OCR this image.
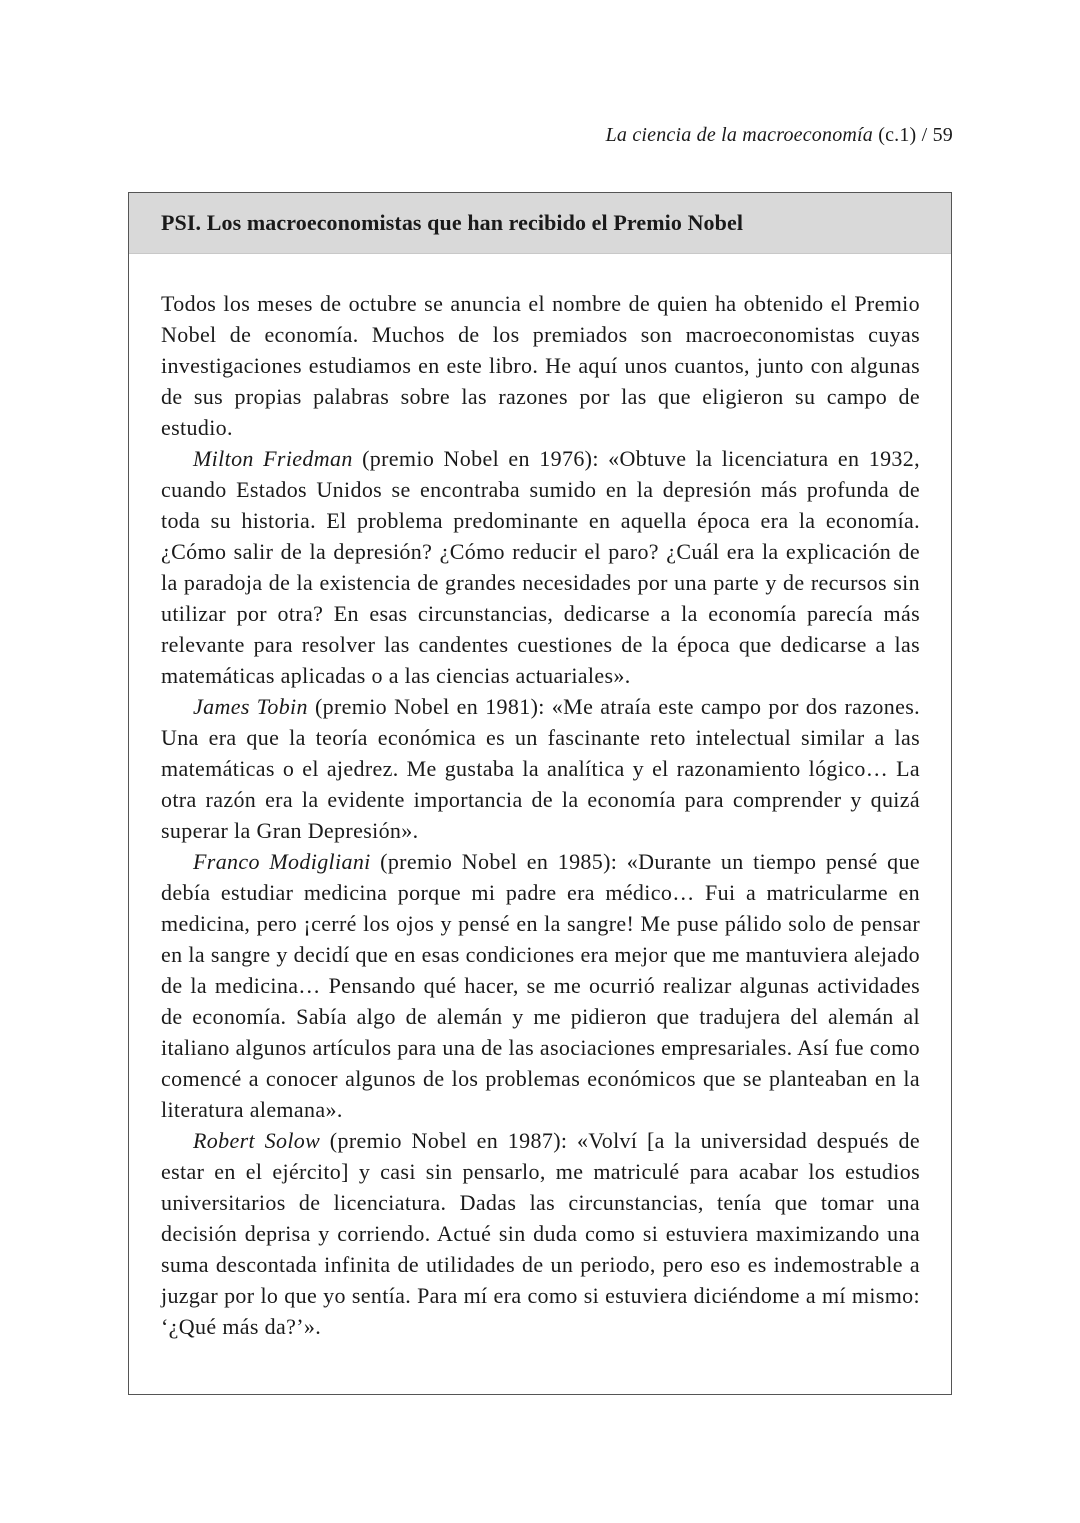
La ciencia de la macroeconomía (c.1) / 59
PSI. Los macroeconomistas que han recibido el Premio Nobel

Todos los meses de octubre se anuncia el nombre de quien ha obtenido el Premio Nobel de economía. Muchos de los premiados son macroeconomistas cuyas investigaciones estudiamos en este libro. He aquí unos cuantos, junto con algunas de sus propias palabras sobre las razones por las que eligieron su campo de estudio.

Milton Friedman (premio Nobel en 1976): «Obtuve la licenciatura en 1932, cuando Estados Unidos se encontraba sumido en la depresión más profunda de toda su historia. El problema predominante en aquella época era la economía. ¿Cómo salir de la depresión? ¿Cómo reducir el paro? ¿Cuál era la explicación de la paradoja de la existencia de grandes necesidades por una parte y de recursos sin utilizar por otra? En esas circunstancias, dedicarse a la economía parecía más relevante para resolver las candentes cuestiones de la época que dedicarse a las matemáticas aplicadas o a las ciencias actuariales».

James Tobin (premio Nobel en 1981): «Me atraía este campo por dos razones. Una era que la teoría económica es un fascinante reto intelectual similar a las matemáticas o el ajedrez. Me gustaba la analítica y el razonamiento lógico… La otra razón era la evidente importancia de la economía para comprender y quizá superar la Gran Depresión».

Franco Modigliani (premio Nobel en 1985): «Durante un tiempo pensé que debía estudiar medicina porque mi padre era médico… Fui a matricularme en medicina, pero ¡cerré los ojos y pensé en la sangre! Me puse pálido solo de pensar en la sangre y decidí que en esas condiciones era mejor que me mantuviera alejado de la medicina… Pensando qué hacer, se me ocurrió realizar algunas actividades de economía. Sabía algo de alemán y me pidieron que tradujera del alemán al italiano algunos artículos para una de las asociaciones empresariales. Así fue como comencé a conocer algunos de los problemas económicos que se planteaban en la literatura alemana».

Robert Solow (premio Nobel en 1987): «Volví [a la universidad después de estar en el ejército] y casi sin pensarlo, me matriculé para acabar los estudios universitarios de licenciatura. Dadas las circunstancias, tenía que tomar una decisión deprisa y corriendo. Actué sin duda como si estuviera maximizando una suma descontada infinita de utilidades de un periodo, pero eso es indemostrable a juzgar por lo que yo sentía. Para mí era como si estuviera diciéndome a mí mismo: ‘¿Qué más da?’».
